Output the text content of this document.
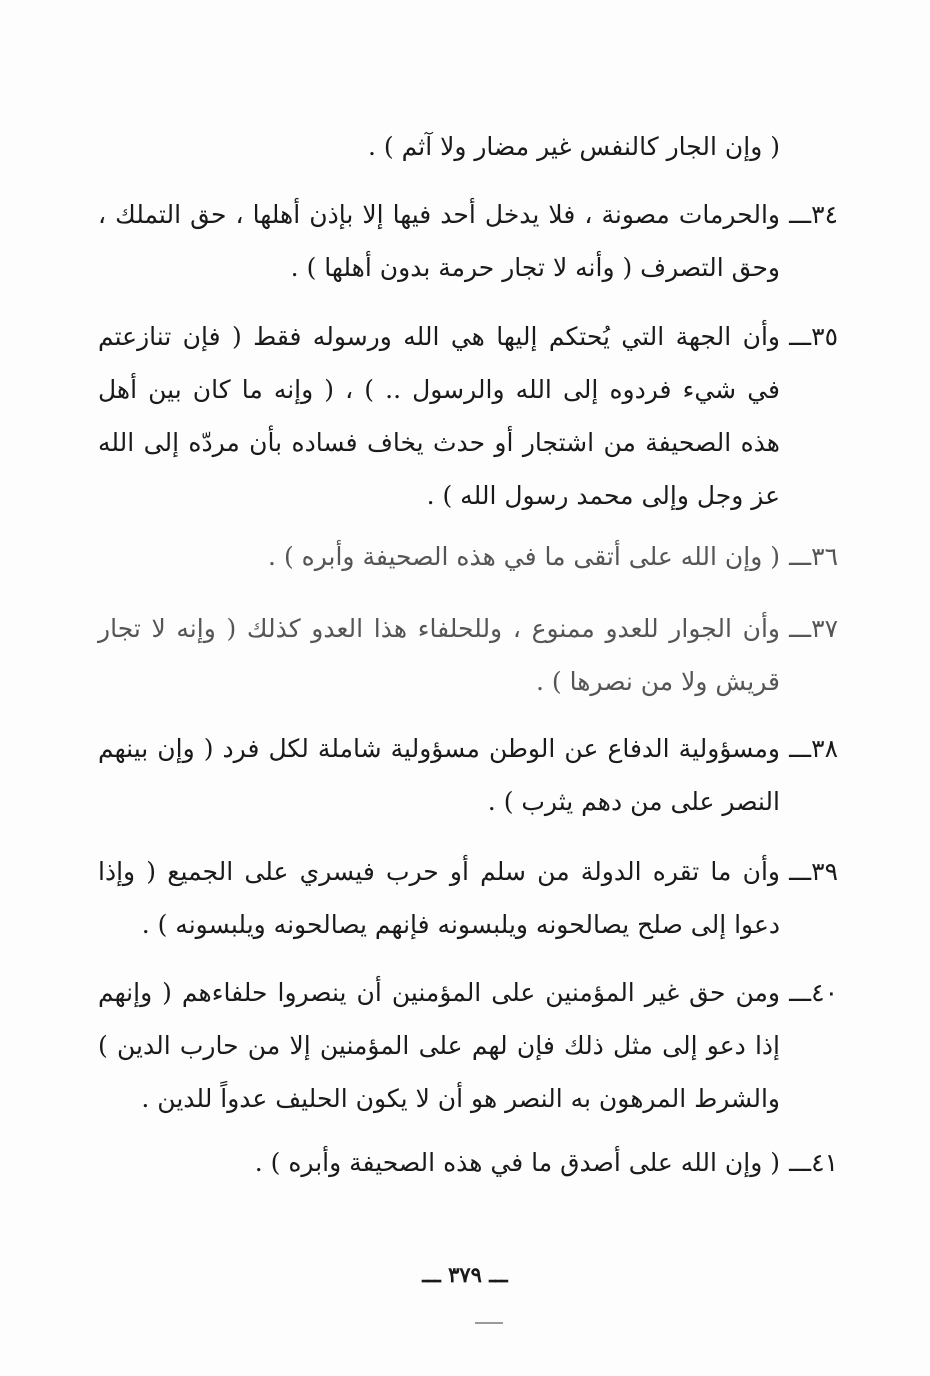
( وإن الجار كالنفس غير مضار ولا آثم ) .
٣٤ـــ
والحرمات مصونة ، فلا يدخل أحد فيها إلا بإذن أهلها ، حق التملك ، وحق التصرف ( وأنه لا تجار حرمة بدون أهلها ) .
٣٥ـــ
وأن الجهة التي يُحتكم إليها هي الله ورسوله فقط ( فإن تنازعتم في شيء فردوه إلى الله والرسول .. ) ، ( وإنه ما كان بين أهل هذه الصحيفة من اشتجار أو حدث يخاف فساده بأن مردّه إلى الله عز وجل وإلى محمد رسول الله ) .
٣٦ـــ
( وإن الله على أتقى ما في هذه الصحيفة وأبره ) .
٣٧ـــ
وأن الجوار للعدو ممنوع ، وللحلفاء هذا العدو كذلك ( وإنه لا تجار قريش ولا من نصرها ) .
٣٨ـــ
ومسؤولية الدفاع عن الوطن مسؤولية شاملة لكل فرد ( وإن بينهم النصر على من دهم يثرب ) .
٣٩ـــ
وأن ما تقره الدولة من سلم أو حرب فيسري على الجميع ( وإذا دعوا إلى صلح يصالحونه ويلبسونه فإنهم يصالحونه ويلبسونه ) .
٤٠ـــ
ومن حق غير المؤمنين على المؤمنين أن ينصروا حلفاءهم ( وإنهم إذا دعو إلى مثل ذلك فإن لهم على المؤمنين إلا من حارب الدين ) والشرط المرهون به النصر هو أن لا يكون الحليف عدواً للدين .
٤١ـــ
( وإن الله على أصدق ما في هذه الصحيفة وأبره ) .
ـــ ٣٧٩ ـــ
